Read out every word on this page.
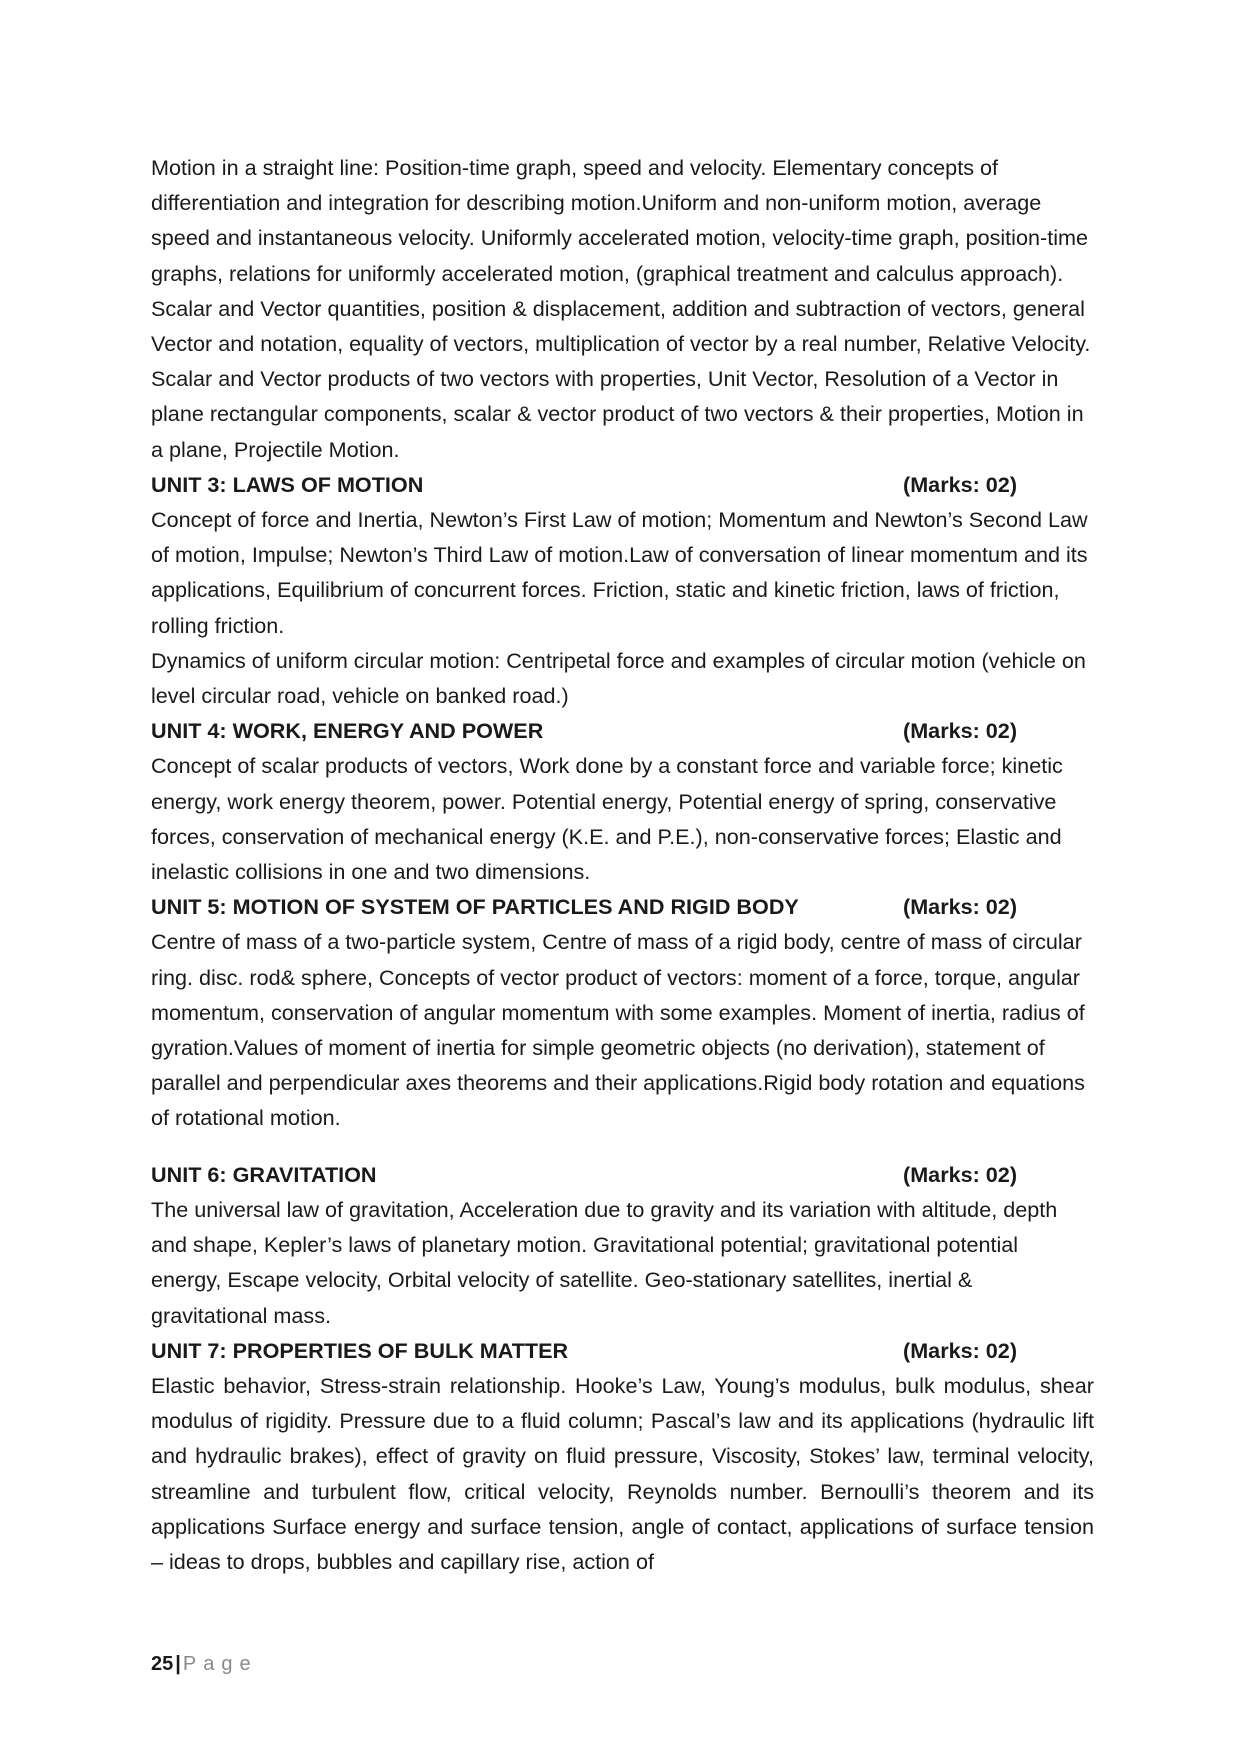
Motion in a straight line: Position-time graph, speed and velocity. Elementary concepts of differentiation and integration for describing motion.Uniform and non-uniform motion, average speed and instantaneous velocity. Uniformly accelerated motion, velocity-time graph, position-time graphs, relations for uniformly accelerated motion, (graphical treatment and calculus approach). Scalar and Vector quantities, position & displacement, addition and subtraction of vectors, general Vector and notation, equality of vectors, multiplication of vector by a real number, Relative Velocity. Scalar and Vector products of two vectors with properties, Unit Vector, Resolution of a Vector in plane rectangular components, scalar & vector product of two vectors & their properties, Motion in a plane, Projectile Motion.

UNIT 3: LAWS OF MOTION	(Marks: 02)

Concept of force and Inertia, Newton’s First Law of motion; Momentum and Newton’s Second Law of motion, Impulse; Newton’s Third Law of motion.Law of conversation of linear momentum and its applications, Equilibrium of concurrent forces. Friction, static and kinetic friction, laws of friction, rolling friction.

Dynamics of uniform circular motion: Centripetal force and examples of circular motion (vehicle on level circular road, vehicle on banked road.)

UNIT 4: WORK, ENERGY AND POWER	(Marks: 02)

Concept of scalar products of vectors, Work done by a constant force and variable force; kinetic energy, work energy theorem, power. Potential energy, Potential energy of spring, conservative forces, conservation of mechanical energy (K.E. and P.E.), non-conservative forces; Elastic and inelastic collisions in one and two dimensions.

UNIT 5: MOTION OF SYSTEM OF PARTICLES AND RIGID BODY	(Marks: 02)

Centre of mass of a two-particle system, Centre of mass of a rigid body, centre of mass of circular ring. disc. rod& sphere, Concepts of vector product of vectors: moment of a force, torque, angular momentum, conservation of angular momentum with some examples. Moment of inertia, radius of gyration.Values of moment of inertia for simple geometric objects (no derivation), statement of parallel and perpendicular axes theorems and their applications.Rigid body rotation and equations of rotational motion.

UNIT 6: GRAVITATION	(Marks: 02)

The universal law of gravitation, Acceleration due to gravity and its variation with altitude, depth and shape, Kepler’s laws of planetary motion. Gravitational potential; gravitational potential energy, Escape velocity, Orbital velocity of satellite. Geo-stationary satellites, inertial & gravitational mass.

UNIT 7: PROPERTIES OF BULK MATTER	(Marks: 02)

Elastic behavior, Stress-strain relationship. Hooke’s Law, Young’s modulus, bulk modulus, shear modulus of rigidity. Pressure due to a fluid column; Pascal’s law and its applications (hydraulic lift and hydraulic brakes), effect of gravity on fluid pressure, Viscosity, Stokes’ law, terminal velocity, streamline and turbulent flow, critical velocity, Reynolds number. Bernoulli’s theorem and its applications Surface energy and surface tension, angle of contact, applications of surface tension – ideas to drops, bubbles and capillary rise, action of

25 | Page
